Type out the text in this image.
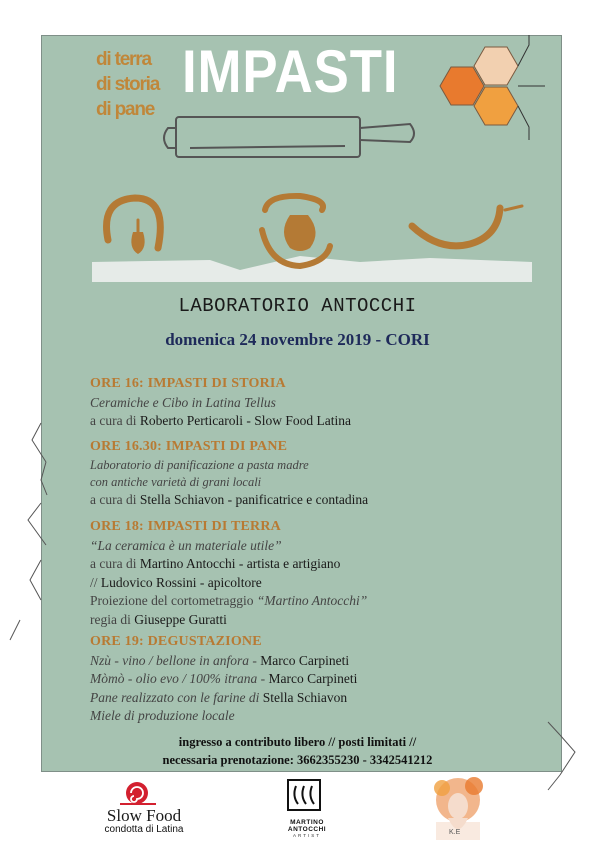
di terra
di storia
di pane
IMPASTI
LABORATORIO ANTOCCHI
domenica 24 novembre 2019 - CORI
ORE 16: IMPASTI DI STORIA
Ceramiche e Cibo in Latina Tellus
a cura di Roberto Perticaroli - Slow Food Latina
ORE 16.30: IMPASTI DI PANE
Laboratorio di panificazione a pasta madre
con antiche varietà di grani locali
a cura di Stella Schiavon - panificatrice e contadina
ORE 18: IMPASTI DI TERRA
“La ceramica è un materiale utile”
a cura di Martino Antocchi - artista e artigiano
// Ludovico Rossini - apicoltore
Proiezione del cortometraggio “Martino Antocchi”
regia di Giuseppe Guratti
ORE 19: DEGUSTAZIONE
Nzù - vino / bellone in anfora - Marco Carpineti
Mòmò - olio evo / 100% itrana - Marco Carpineti
Pane realizzato con le farine di Stella Schiavon
Miele di produzione locale
ingresso a contributo libero // posti limitati //
necessaria prenotazione: 3662355230 - 3342541212
Slow Food
condotta di Latina
MARTINO ANTOCCHI
ARTIST	K.E
